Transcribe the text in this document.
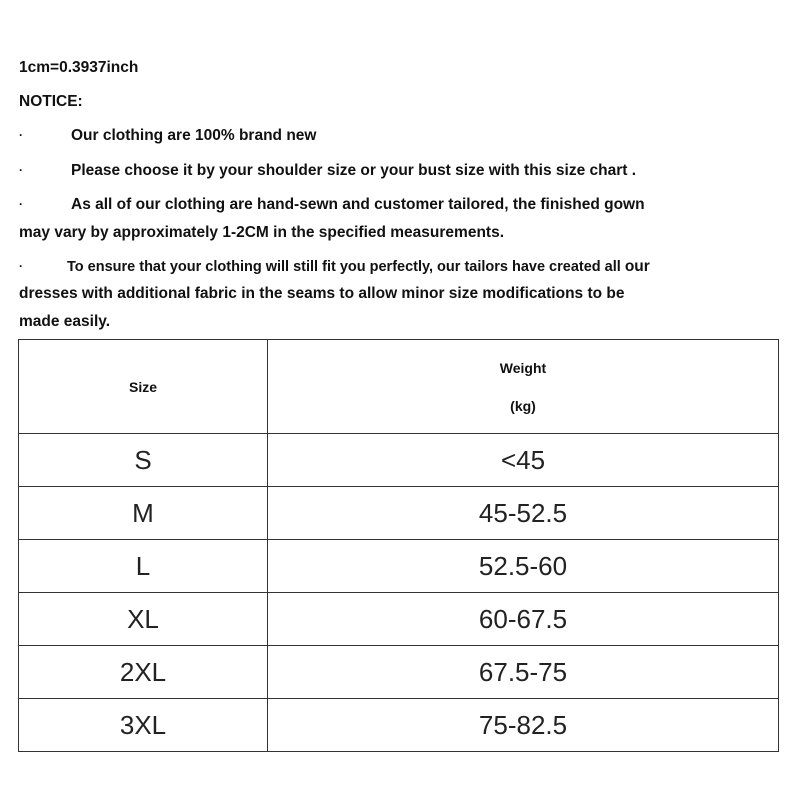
1cm=0.3937inch
NOTICE:
·	Our clothing are 100% brand new
·	Please choose it by your shoulder size or your bust size with this size chart .
·	As all of our clothing are hand-sewn and customer tailored, the finished gown
may vary by approximately 1-2CM in the specified measurements.
·	To ensure that your clothing will still fit you perfectly, our tailors have created all our
dresses with additional fabric in the seams to allow minor size modifications to be
made easily.
Size	Weight
(kg)
S	<45
M	45-52.5
L	52.5-60
XL	60-67.5
2XL	67.5-75
3XL	75-82.5
